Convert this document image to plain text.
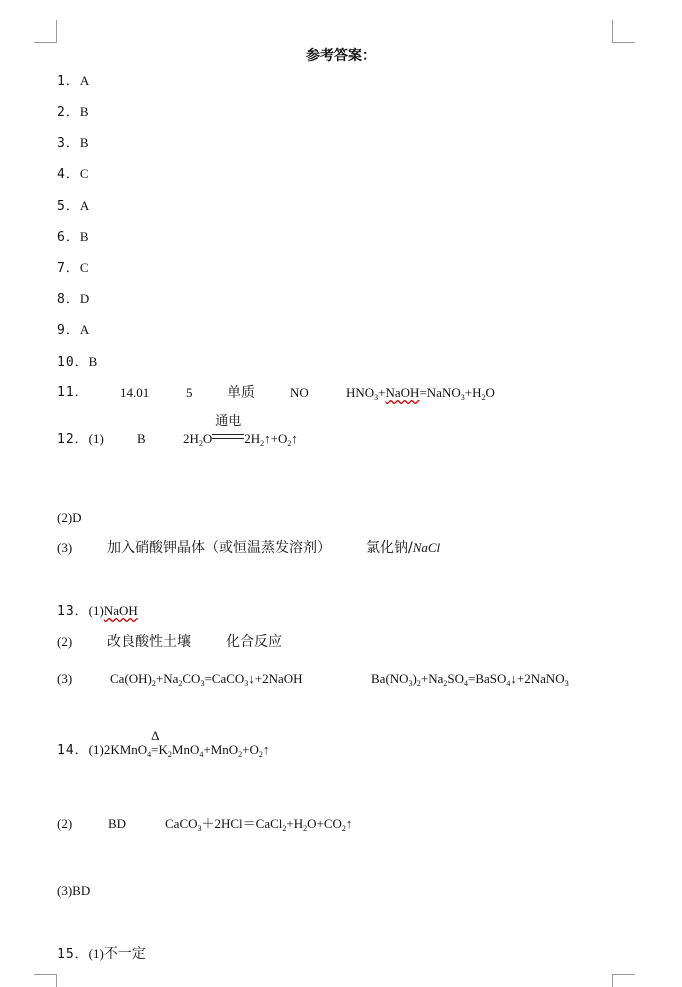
参考答案：
1．A
2．B
3．B
4．C
5．A
6．B
7．C
8．D
9．A
10．B
11． 14.01	5 单质	NO	$HNO_3+NaOH=NaNO_3+H_2O$
12．(1)	B	$2H_2O$
通电
$2H_2↑+O_2↑$
(2)D
(3) 加入硝酸钾晶体（或恒温蒸发溶剂）	氯化钠/NaCl
13．(1)NaOH
(2) 改良酸性土壤	化合反应
(3)	$Ca(OH)_2+Na_2CO_3=CaCO_3↓+2NaOH$	$Ba(NO_3)_2+Na_2SO_4=BaSO_4↓+2NaNO_3$
14．(1)2KMnO$_4$
Δ
$=K_2MnO_4+MnO_2+O_2↑$
(2)	BD	$CaCO_3+2HCl=CaCl_2+H_2O+CO_2↑$
(3)BD
15．(1)不一定
